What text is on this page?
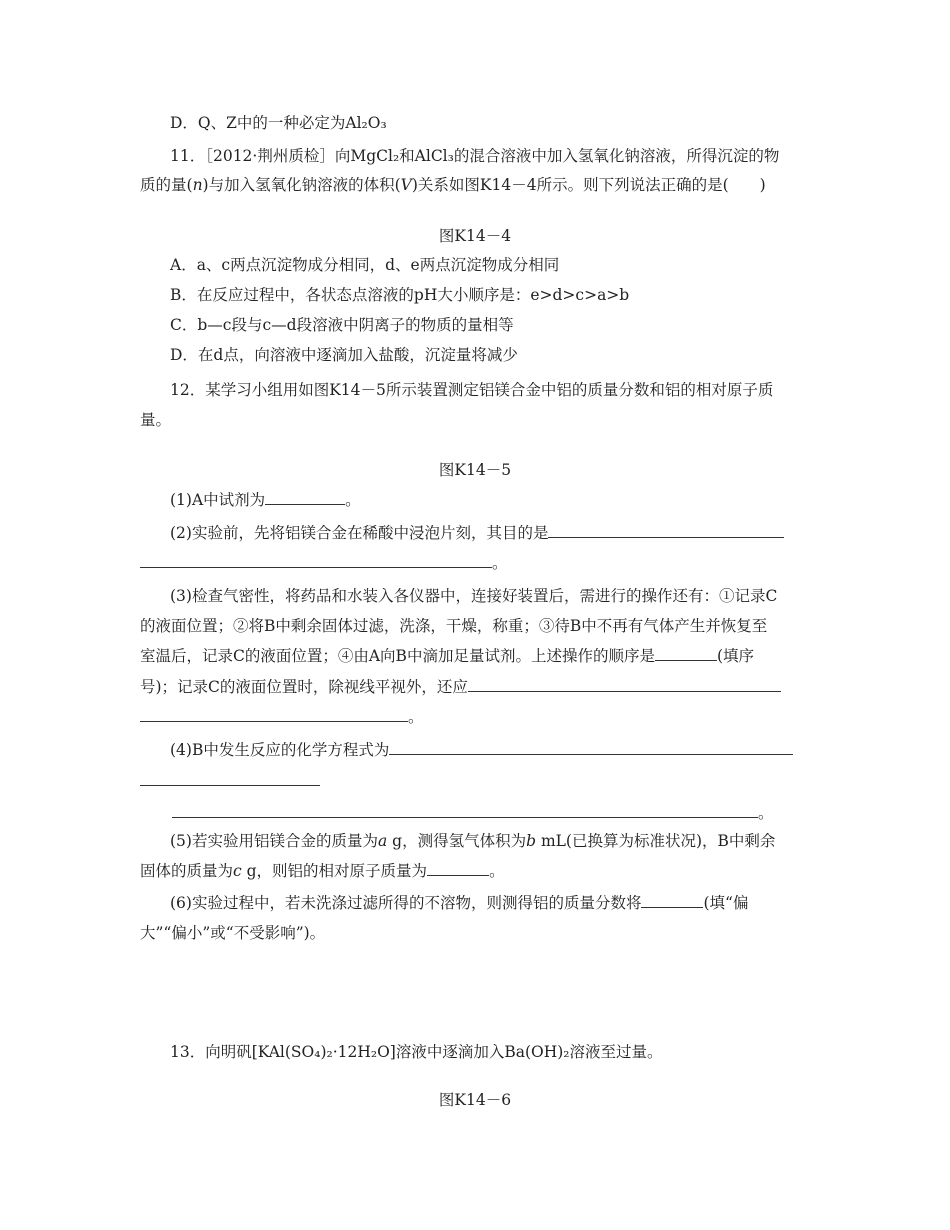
D．Q、Z中的一种必定为Al₂O₃
11．［2012·荆州质检］向MgCl₂和AlCl₃的混合溶液中加入氢氧化钠溶液，所得沉淀的物
质的量(n)与加入氢氧化钠溶液的体积(V)关系如图K14－4所示。则下列说法正确的是(　　)
图K14－4
A．a、c两点沉淀物成分相同，d、e两点沉淀物成分相同
B．在反应过程中，各状态点溶液的pH大小顺序是：e>d>c>a>b
C．b—c段与c—d段溶液中阴离子的物质的量相等
D．在d点，向溶液中逐滴加入盐酸，沉淀量将减少
12．某学习小组用如图K14－5所示装置测定铝镁合金中铝的质量分数和铝的相对原子质
量。
图K14－5
(1)A中试剂为	。
(2)实验前，先将铝镁合金在稀酸中浸泡片刻，其目的是
。
(3)检查气密性，将药品和水装入各仪器中，连接好装置后，需进行的操作还有：①记录C
的液面位置；②将B中剩余固体过滤，洗涤，干燥，称重；③待B中不再有气体产生并恢复至
室温后，记录C的液面位置；④由A向B中滴加足量试剂。上述操作的顺序是	(填序
号)；记录C的液面位置时，除视线平视外，还应
。
(4)B中发生反应的化学方程式为
。
(5)若实验用铝镁合金的质量为a g，测得氢气体积为b mL(已换算为标准状况)，B中剩余
固体的质量为c g，则铝的相对原子质量为	。
(6)实验过程中，若未洗涤过滤所得的不溶物，则测得铝的质量分数将	(填“偏
大”“偏小”或“不受影响”)。
13．向明矾[KAl(SO₄)₂·12H₂O]溶液中逐滴加入Ba(OH)₂溶液至过量。
图K14－6
